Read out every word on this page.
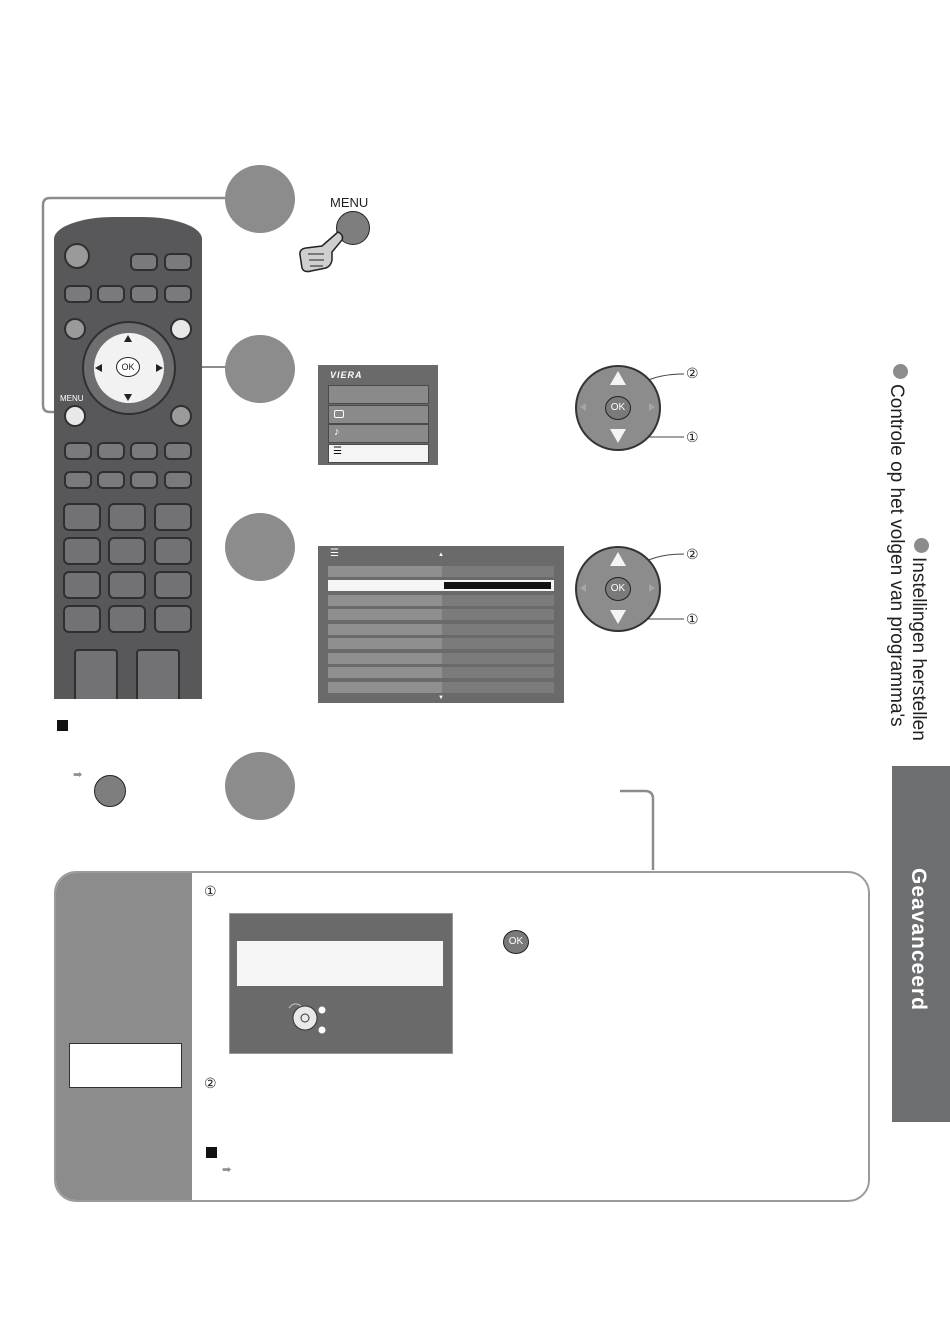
OK
MENU
MENU
VIERA
♪
☰
OK
②
①
☰	▲
▼
OK
②
①
➡
①
OK
②
➡
Controle op het volgen van programma's Instellingen herstellen
Geavanceerd
